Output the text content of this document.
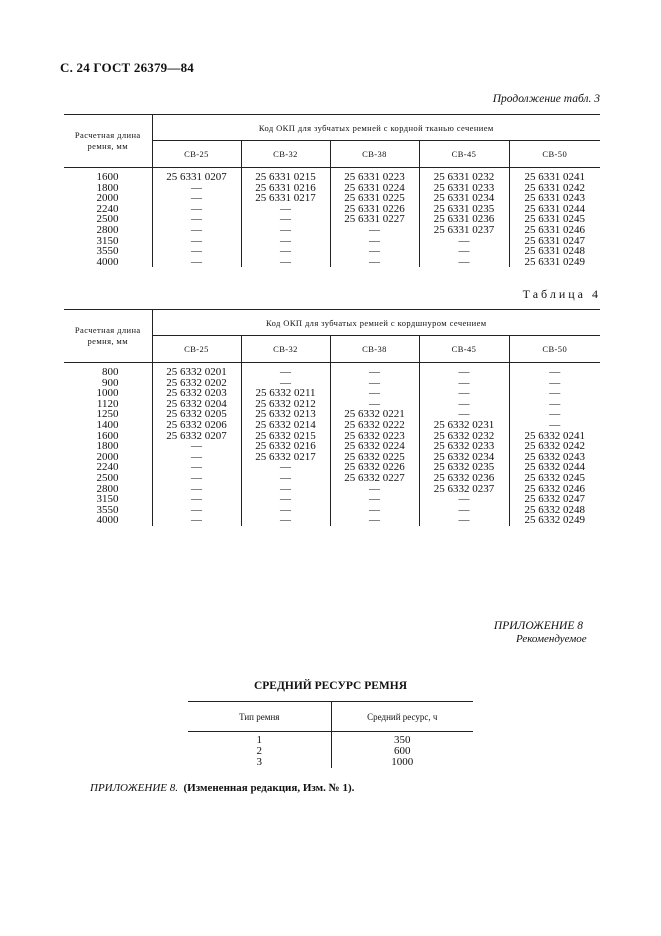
С. 24 ГОСТ 26379—84
Продолжение табл. 3
Расчетная длина ремня, мм	Код ОКП для зубчатых ремней с кордной тканью сечением				
	СВ-25	СВ-32	СВ-38	СВ-45	СВ-50
1600	25 6331 0207	25 6331 0215	25 6331 0223	25 6331 0232	25 6331 0241
1800	—	25 6331 0216	25 6331 0224	25 6331 0233	25 6331 0242
2000	—	25 6331 0217	25 6331 0225	25 6331 0234	25 6331 0243
2240	—	—	25 6331 0226	25 6331 0235	25 6331 0244
2500	—	—	25 6331 0227	25 6331 0236	25 6331 0245
2800	—	—	—	25 6331 0237	25 6331 0246
3150	—	—	—	—	25 6331 0247
3550	—	—	—	—	25 6331 0248
4000	—	—	—	—	25 6331 0249
Таблица 4
Расчетная длина ремня, мм	Код ОКП для зубчатых ремней с кордшнуром сечением				
	СВ-25	СВ-32	СВ-38	СВ-45	СВ-50
800	25 6332 0201	—	—	—	—
900	25 6332 0202	—	—	—	—
1000	25 6332 0203	25 6332 0211	—	—	—
1120	25 6332 0204	25 6332 0212	—	—	—
1250	25 6332 0205	25 6332 0213	25 6332 0221	—	—
1400	25 6332 0206	25 6332 0214	25 6332 0222	25 6332 0231	—
1600	25 6332 0207	25 6332 0215	25 6332 0223	25 6332 0232	25 6332 0241
1800	—	25 6332 0216	25 6332 0224	25 6332 0233	25 6332 0242
2000	—	25 6332 0217	25 6332 0225	25 6332 0234	25 6332 0243
2240	—	—	25 6332 0226	25 6332 0235	25 6332 0244
2500	—	—	25 6332 0227	25 6332 0236	25 6332 0245
2800	—	—	—	25 6332 0237	25 6332 0246
3150	—	—	—	—	25 6332 0247
3550	—	—	—	—	25 6332 0248
4000	—	—	—	—	25 6332 0249
ПРИЛОЖЕНИЕ 8
Рекомендуемое
СРЕДНИЙ РЕСУРС РЕМНЯ
Тип ремня	Средний ресурс, ч
1	350
2	600
3	1000
ПРИЛОЖЕНИЕ 8. (Измененная редакция, Изм. № 1).
